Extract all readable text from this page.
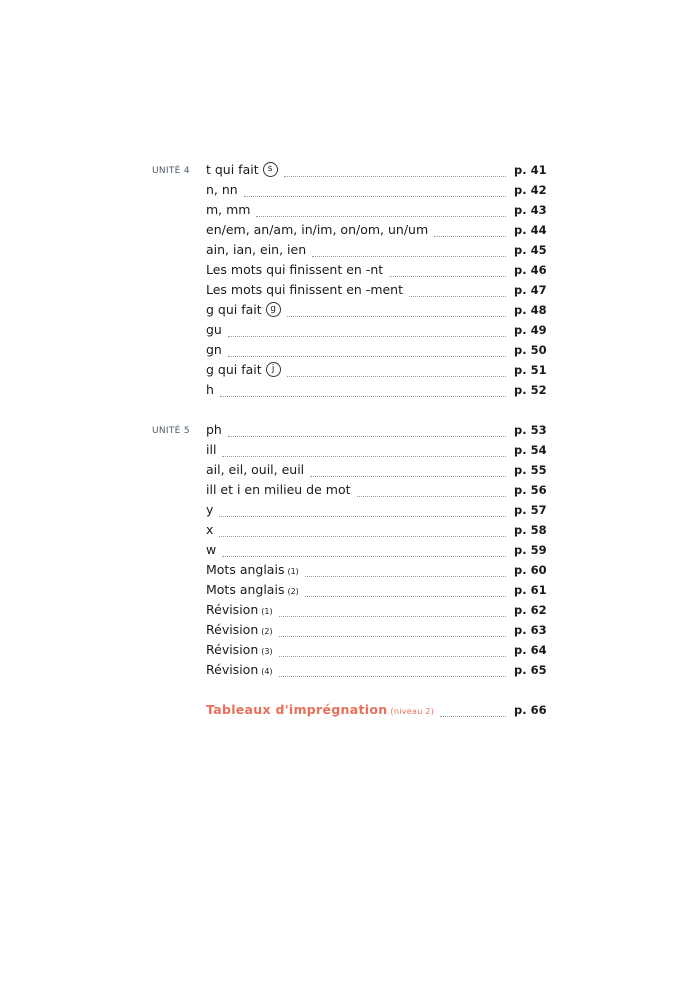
UNITÉ 4 t qui fait s	p. 41
n, nn	p. 42
m, mm	p. 43
en/em, an/am, in/im, on/om, un/um	p. 44
ain, ian, ein, ien	p. 45
Les mots qui finissent en -nt	p. 46
Les mots qui finissent en -ment	p. 47
g qui fait g	p. 48
gu	p. 49
gn	p. 50
g qui fait j	p. 51
h	p. 52
UNITÉ 5 ph	p. 53
ill	p. 54
ail, eil, ouil, euil	p. 55
ill et i en milieu de mot	p. 56
y	p. 57
x	p. 58
w	p. 59
Mots anglais (1)	p. 60
Mots anglais (2)	p. 61
Révision (1)	p. 62
Révision (2)	p. 63
Révision (3)	p. 64
Révision (4)	p. 65
Tableaux d'imprégnation (niveau 2)	p. 66
